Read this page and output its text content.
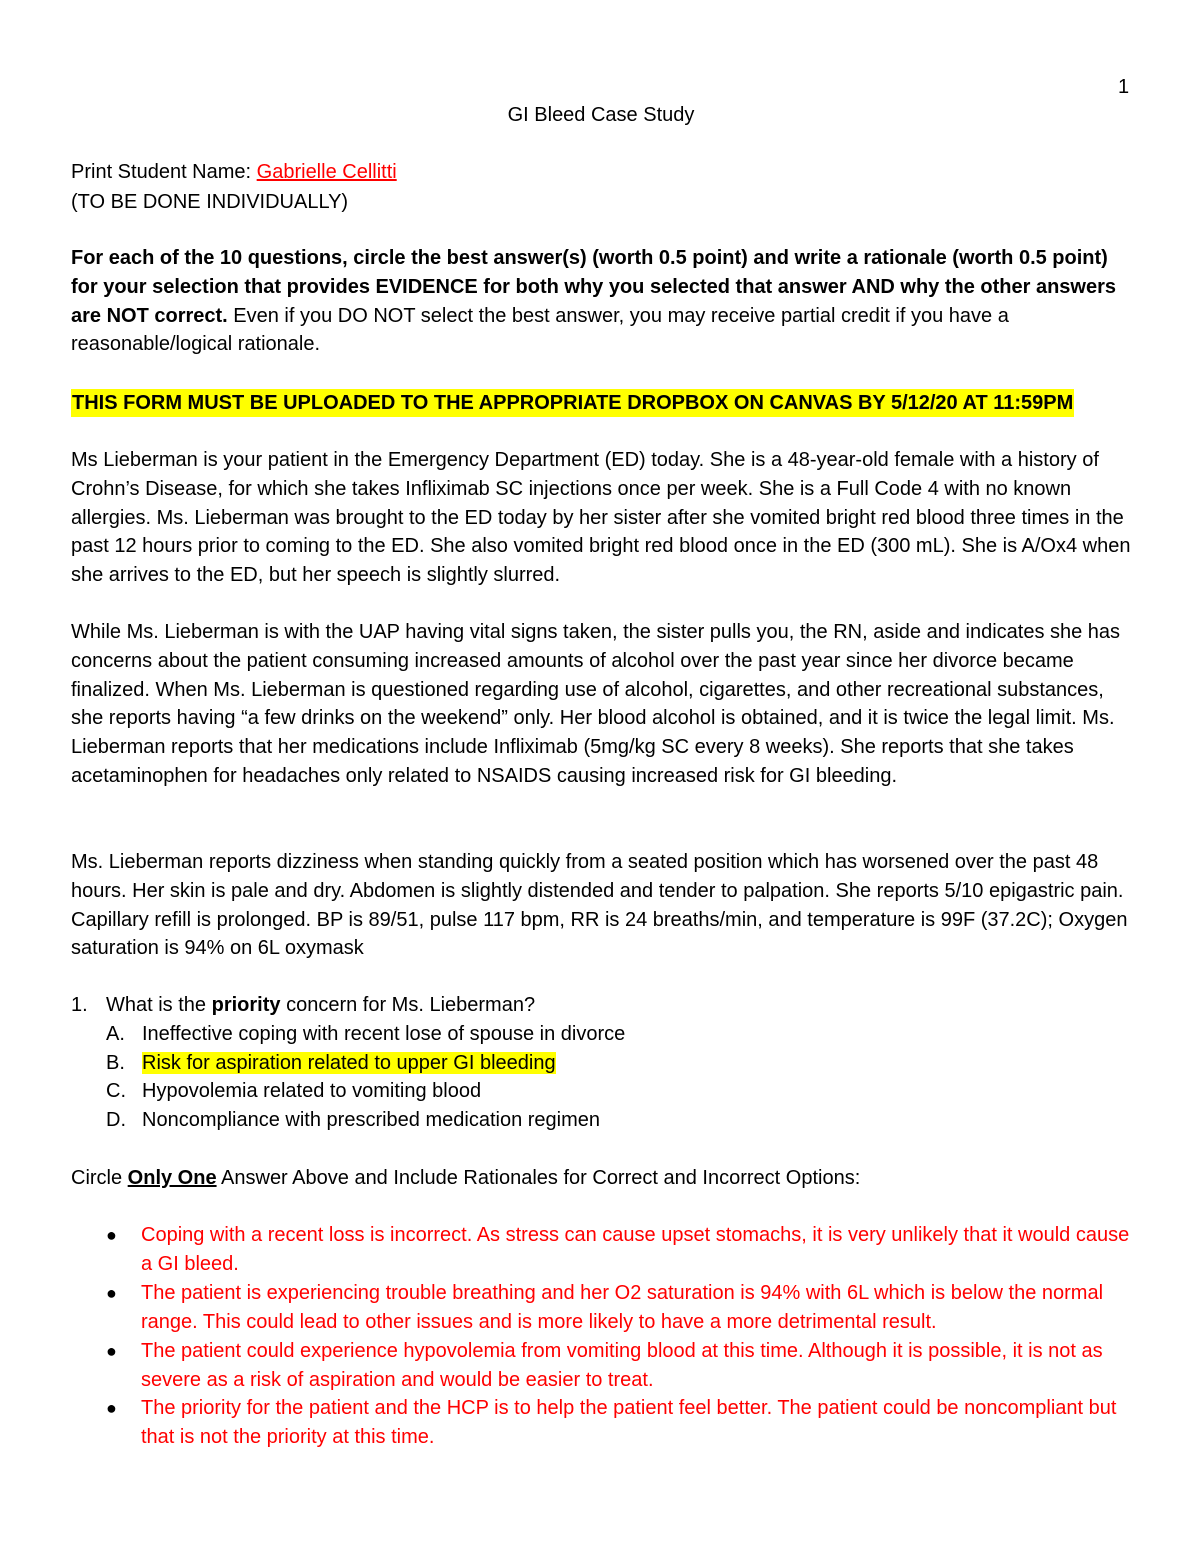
1
GI Bleed Case Study
Print Student Name: Gabrielle Cellitti
(TO BE DONE INDIVIDUALLY)
For each of the 10 questions, circle the best answer(s) (worth 0.5 point) and write a rationale (worth 0.5 point) for your selection that provides EVIDENCE for both why you selected that answer AND why the other answers are NOT correct. Even if you DO NOT select the best answer, you may receive partial credit if you have a reasonable/logical rationale.
THIS FORM MUST BE UPLOADED TO THE APPROPRIATE DROPBOX ON CANVAS BY 5/12/20 AT 11:59PM
Ms Lieberman is your patient in the Emergency Department (ED) today. She is a 48-year-old female with a history of Crohn’s Disease, for which she takes Infliximab SC injections once per week. She is a Full Code 4 with no known allergies. Ms. Lieberman was brought to the ED today by her sister after she vomited bright red blood three times in the past 12 hours prior to coming to the ED. She also vomited bright red blood once in the ED (300 mL). She is A/Ox4 when she arrives to the ED, but her speech is slightly slurred.
While Ms. Lieberman is with the UAP having vital signs taken, the sister pulls you, the RN, aside and indicates she has concerns about the patient consuming increased amounts of alcohol over the past year since her divorce became finalized. When Ms. Lieberman is questioned regarding use of alcohol, cigarettes, and other recreational substances, she reports having “a few drinks on the weekend” only. Her blood alcohol is obtained, and it is twice the legal limit. Ms. Lieberman reports that her medications include Infliximab (5mg/kg SC every 8 weeks). She reports that she takes acetaminophen for headaches only related to NSAIDS causing increased risk for GI bleeding.
Ms. Lieberman reports dizziness when standing quickly from a seated position which has worsened over the past 48 hours. Her skin is pale and dry. Abdomen is slightly distended and tender to palpation. She reports 5/10 epigastric pain. Capillary refill is prolonged. BP is 89/51, pulse 117 bpm, RR is 24 breaths/min, and temperature is 99F (37.2C); Oxygen saturation is 94% on 6L oxymask
1. What is the priority concern for Ms. Lieberman?
A. Ineffective coping with recent lose of spouse in divorce
B. Risk for aspiration related to upper GI bleeding
C. Hypovolemia related to vomiting blood
D. Noncompliance with prescribed medication regimen
Circle Only One Answer Above and Include Rationales for Correct and Incorrect Options:
● Coping with a recent loss is incorrect. As stress can cause upset stomachs, it is very unlikely that it would cause a GI bleed.
● The patient is experiencing trouble breathing and her O2 saturation is 94% with 6L which is below the normal range. This could lead to other issues and is more likely to have a more detrimental result.
● The patient could experience hypovolemia from vomiting blood at this time. Although it is possible, it is not as severe as a risk of aspiration and would be easier to treat.
● The priority for the patient and the HCP is to help the patient feel better. The patient could be noncompliant but that is not the priority at this time.
